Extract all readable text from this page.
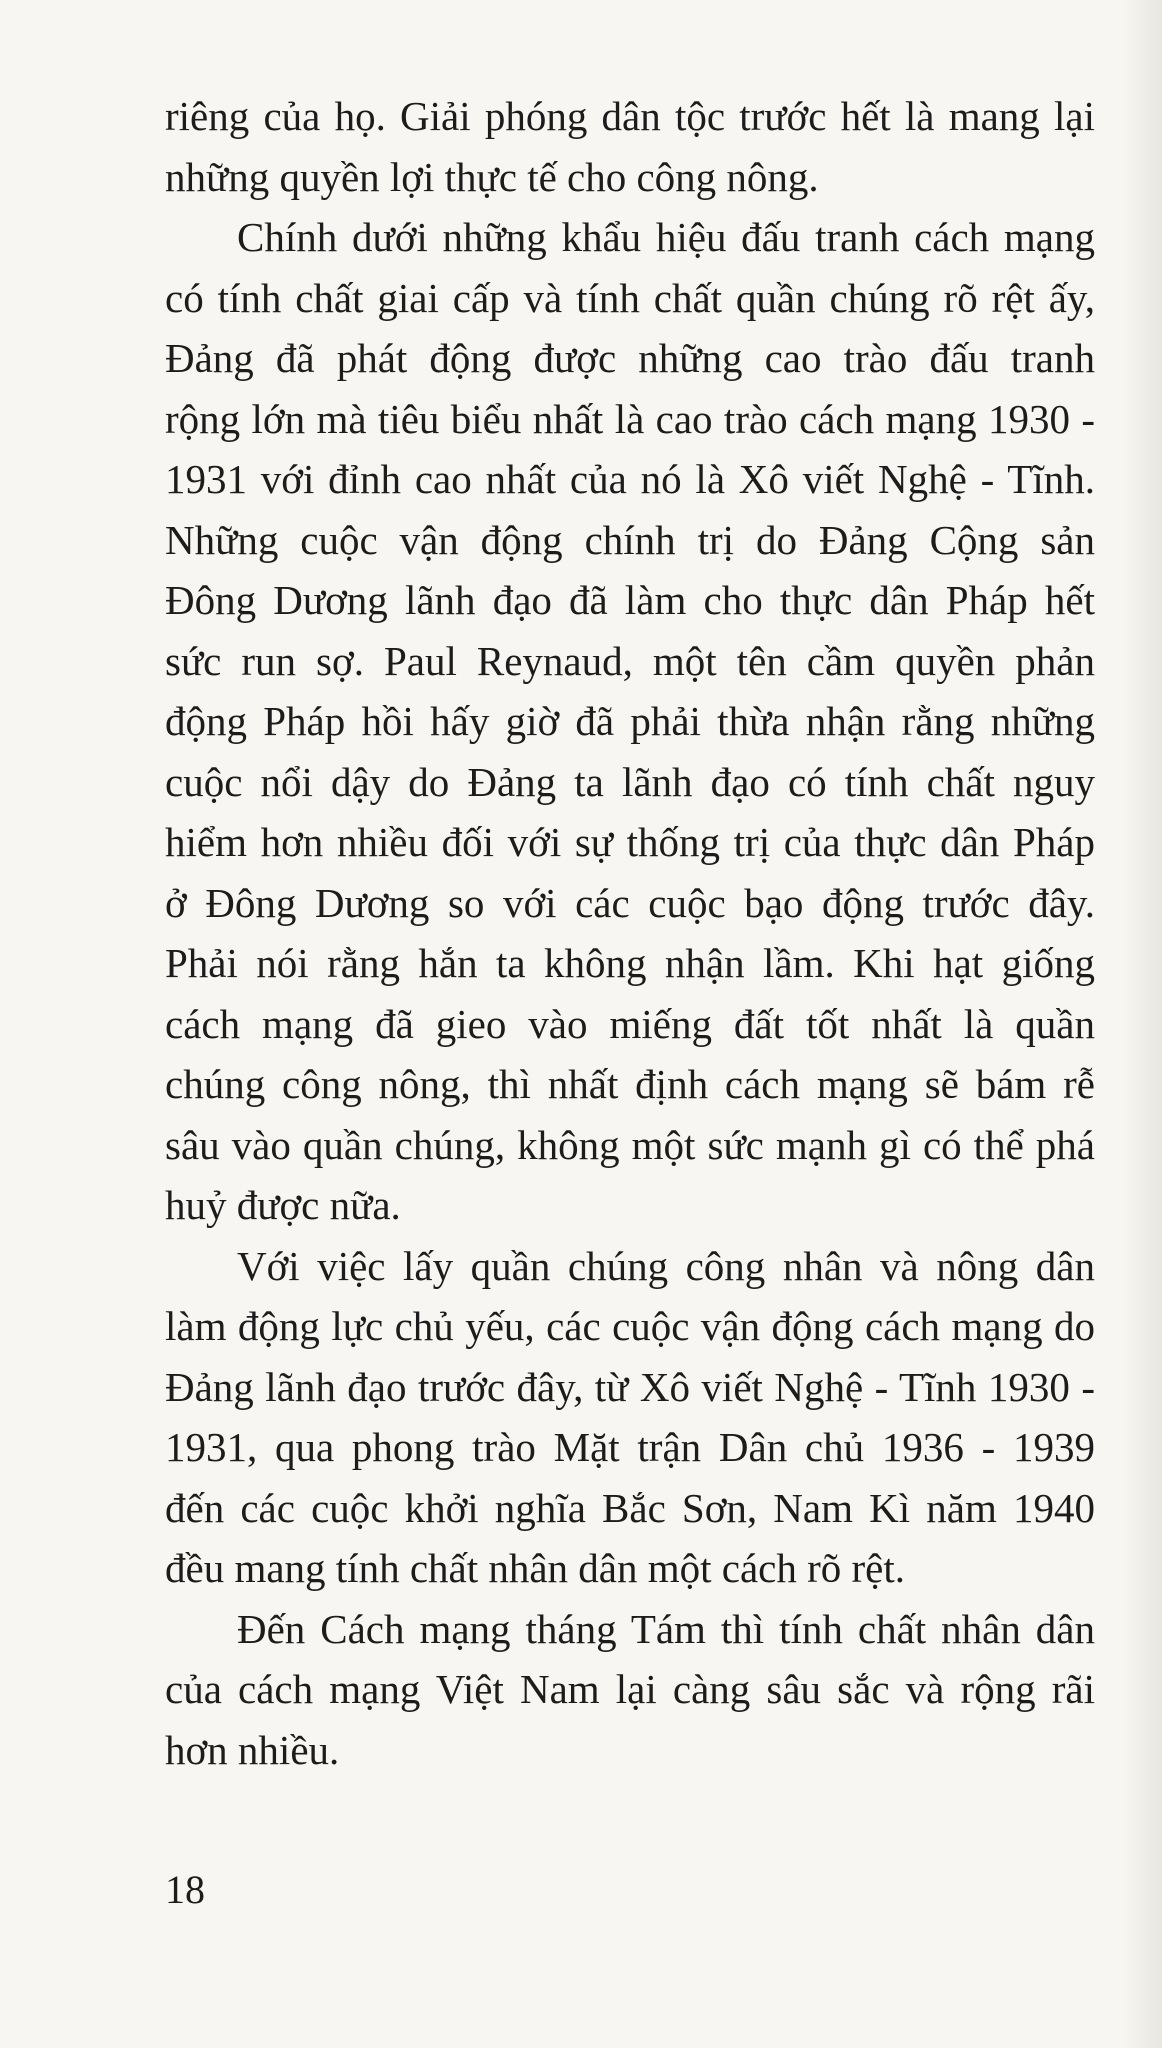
riêng của họ. Giải phóng dân tộc trước hết là mang lại
những quyền lợi thực tế cho công nông.
Chính dưới những khẩu hiệu đấu tranh cách mạng
có tính chất giai cấp và tính chất quần chúng rõ rệt ấy,
Đảng đã phát động được những cao trào đấu tranh
rộng lớn mà tiêu biểu nhất là cao trào cách mạng 1930 -
1931 với đỉnh cao nhất của nó là Xô viết Nghệ - Tĩnh.
Những cuộc vận động chính trị do Đảng Cộng sản
Đông Dương lãnh đạo đã làm cho thực dân Pháp hết
sức run sợ. Paul Reynaud, một tên cầm quyền phản
động Pháp hồi hấy giờ đã phải thừa nhận rằng những
cuộc nổi dậy do Đảng ta lãnh đạo có tính chất nguy
hiểm hơn nhiều đối với sự thống trị của thực dân Pháp
ở Đông Dương so với các cuộc bạo động trước đây.
Phải nói rằng hắn ta không nhận lầm. Khi hạt giống
cách mạng đã gieo vào miếng đất tốt nhất là quần
chúng công nông, thì nhất định cách mạng sẽ bám rễ
sâu vào quần chúng, không một sức mạnh gì có thể phá
huỷ được nữa.
Với việc lấy quần chúng công nhân và nông dân
làm động lực chủ yếu, các cuộc vận động cách mạng do
Đảng lãnh đạo trước đây, từ Xô viết Nghệ - Tĩnh 1930 -
1931, qua phong trào Mặt trận Dân chủ 1936 - 1939
đến các cuộc khởi nghĩa Bắc Sơn, Nam Kì năm 1940
đều mang tính chất nhân dân một cách rõ rệt.
Đến Cách mạng tháng Tám thì tính chất nhân dân
của cách mạng Việt Nam lại càng sâu sắc và rộng rãi
hơn nhiều.
18
